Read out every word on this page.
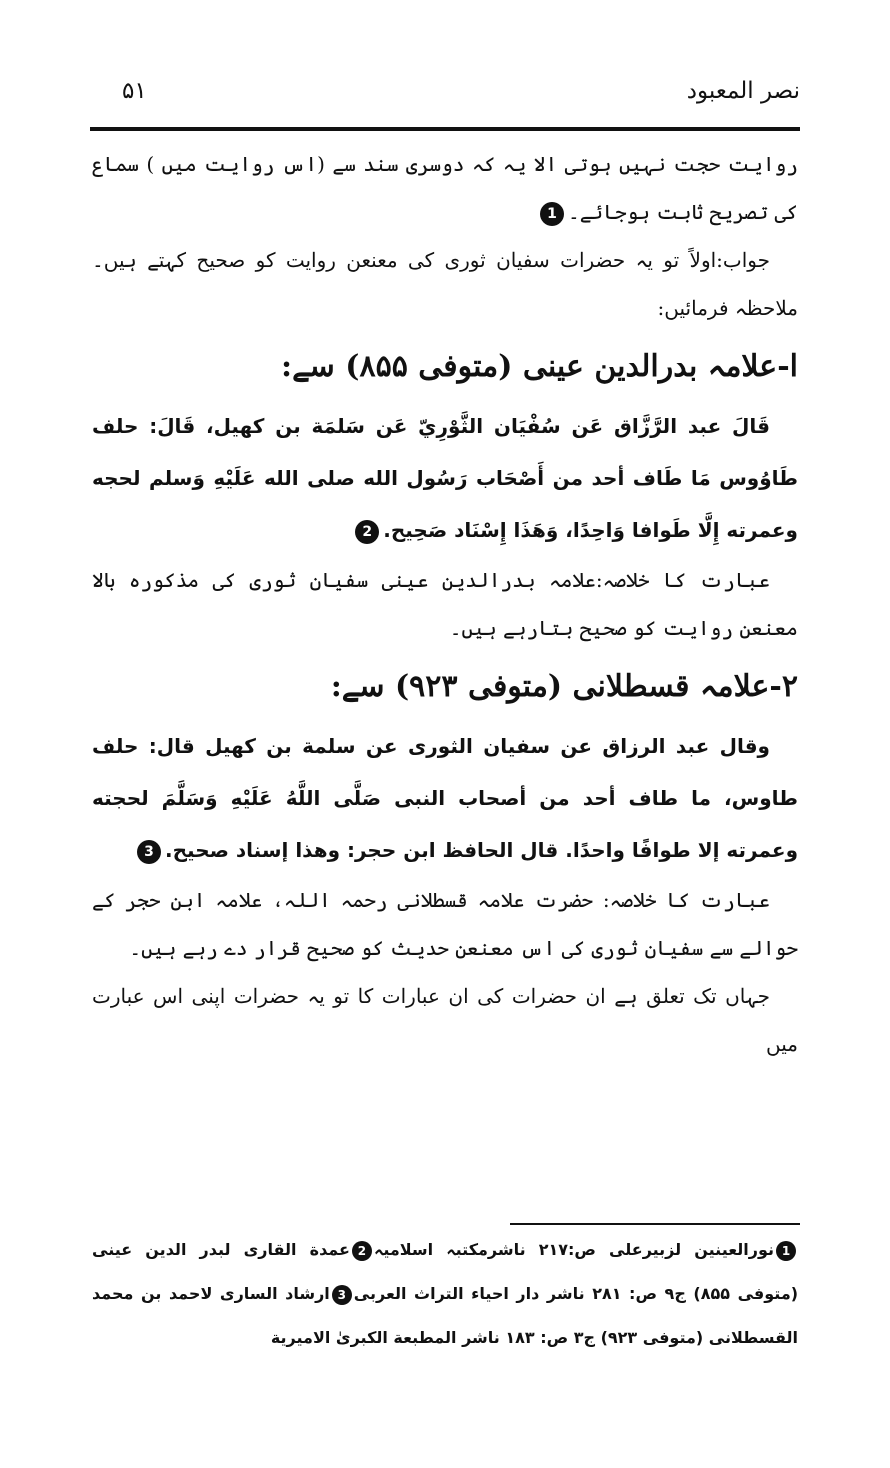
نصر المعبود
۵۱

روایت حجت نہیں ہوتی الا یہ کہ دوسری سند سے (اس روایت میں ) سماع کی تصریح ثابت ہوجائے۔1

جواب:اولاً تو یہ حضرات سفیان ثوری کی معنعن روایت کو صحیح کہتے ہیں۔ملاحظہ فرمائیں:

ا-علامہ بدرالدین عینی (متوفی ۸۵۵) سے:

قَالَ عبد الرَّزَّاق عَن سُفْيَان الثَّوْرِيّ عَن سَلمَة بن كهيل، قَالَ: حلف طَاوُوس مَا طَاف أحد من أَصْحَاب رَسُول الله صلى الله عَلَيْهِ وَسلم لحجه وعمرته إِلَّا طَوافا وَاحِدًا، وَهَذَا إِسْنَاد صَحِيح.2

عبارت کا خلاصہ:علامہ بدرالدین عینی سفیان ثوری کی مذکورہ بالا معنعن روایت کو صحیح بتارہے ہیں۔

۲-علامہ قسطلانی (متوفی ۹۲۳) سے:

وقال عبد الرزاق عن سفيان الثورى عن سلمة بن كهيل قال: حلف طاوس، ما طاف أحد من أصحاب النبى صَلَّى اللَّهُ عَلَيْهِ وَسَلَّمَ لحجته وعمرته إلا طوافًا واحدًا. قال الحافظ ابن حجر: وهذا إسناد صحيح.3

عبارت کا خلاصہ: حضرت علامہ قسطلانی رحمہ اللہ، علامہ ابن حجر کے حوالے سے سفیان ثوری کی اس معنعن حدیث کو صحیح قرار دے رہے ہیں۔

جہاں تک تعلق ہے ان حضرات کی ان عبارات کا تو یہ حضرات اپنی اس عبارت میں

1نورالعینین لزبیرعلی ص:۲۱۷ ناشرمکتبہ اسلامیہ2عمدة القارى لبدر الدين عينى (متوفى ۸۵۵) ج۹ ص: ۲۸۱ ناشر دار احياء التراث العربى3ارشاد السارى لاحمد بن محمد القسطلانى (متوفى ۹۲۳) ج۳ ص: ۱۸۳ ناشر المطبعة الكبرىٰ الاميرية
